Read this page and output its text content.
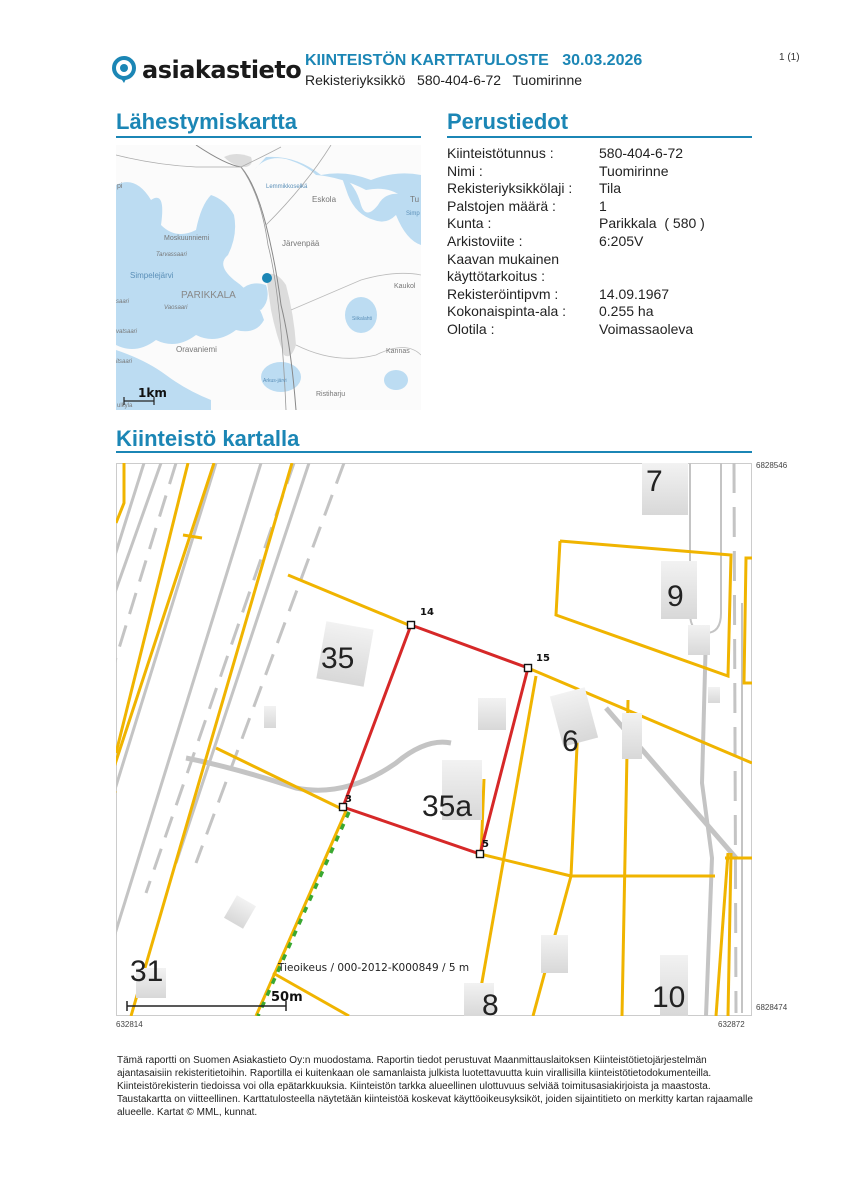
asiakastieto KIINTEISTÖN KARTTATULOSTE 30.03.2026
Rekisteriyksikkö 580-404-6-72 Tuomirinne
1 (1)
Lähestymiskartta
Lemmikkoselkä
Eskola	Tu
Simp
pi
Moskuunniemi
Tarvassaari
Järvenpää
Simpelejärvi
PARIKKALA
Kaukol
saari
Vaosaari
Siikalahti
vatsaari
Oravaniemi	Kannas
itsaari
Arkus-järvi
Ristiharju
ulkyla
1km
Perustiedot
Kiinteistötunnus :	580-404-6-72
Nimi :	Tuomirinne
Rekisteriyksikkölaji :	Tila
Palstojen määrä :	1
Kunta :	Parikkala  ( 580 )
Arkistoviite :	6:205V
Kaavan mukainen
käyttötarkoitus :
Rekisteröintipvm :	14.09.1967
Kokonaispinta-ala :	0.255 ha
Olotila :	Voimassaoleva
Kiinteistö kartalla
7
9
35
6
35a
31
8	10
Tieoikeus / 000-2012-K000849 / 5 m
14
15
3
5
50m
6828546
6828474
632814	632872
Tämä raportti on Suomen Asiakastieto Oy:n muodostama. Raportin tiedot perustuvat Maanmittauslaitoksen Kiinteistötietojärjestelmän ajantasaisiin rekisteritietoihin. Raportilla ei kuitenkaan ole samanlaista julkista luotettavuutta kuin virallisilla kiinteistötietodokumenteilla. Kiinteistörekisterin tiedoissa voi olla epätarkkuuksia. Kiinteistön tarkka alueellinen ulottuvuus selviää toimitusasiakirjoista ja maastosta. Taustakartta on viitteellinen. Karttatulosteella näytetään kiinteistöä koskevat käyttöoikeusyksiköt, joiden sijaintitieto on merkitty kartan rajaamalle alueelle. Kartat © MML, kunnat.
